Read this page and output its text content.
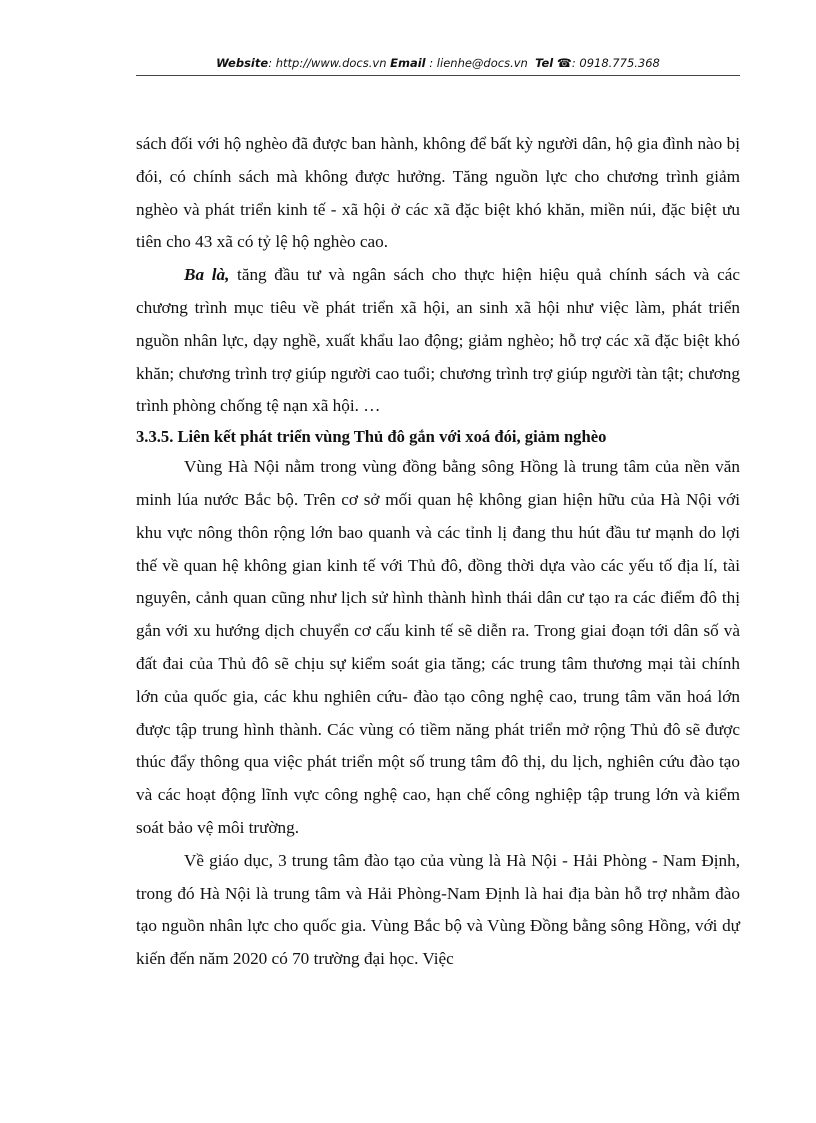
Website: http://www.docs.vn Email : lienhe@docs.vn Tel ☎: 0918.775.368

sách đối với hộ nghèo đã được ban hành, không để bất kỳ người dân, hộ gia đình nào bị đói, có chính sách mà không được hưởng. Tăng nguồn lực cho chương trình giảm nghèo và phát triển kinh tế - xã hội ở các xã đặc biệt khó khăn, miền núi, đặc biệt ưu tiên cho 43 xã có tỷ lệ hộ nghèo cao.

Ba là, tăng đầu tư và ngân sách cho thực hiện hiệu quả chính sách và các chương trình mục tiêu về phát triển xã hội, an sinh xã hội như việc làm, phát triển nguồn nhân lực, dạy nghề, xuất khẩu lao động; giảm nghèo; hỗ trợ các xã đặc biệt khó khăn; chương trình trợ giúp người cao tuổi; chương trình trợ giúp người tàn tật; chương trình phòng chống tệ nạn xã hội. …

3.3.5. Liên kết phát triển vùng Thủ đô gắn với xoá đói, giảm nghèo

Vùng Hà Nội nằm trong vùng đồng bằng sông Hồng là trung tâm của nền văn minh lúa nước Bắc bộ. Trên cơ sở mối quan hệ không gian hiện hữu của Hà Nội với khu vực nông thôn rộng lớn bao quanh và các tỉnh lị đang thu hút đầu tư mạnh do lợi thế về quan hệ không gian kinh tế với Thủ đô, đồng thời dựa vào các yếu tố địa lí, tài nguyên, cảnh quan cũng như lịch sử hình thành hình thái dân cư tạo ra các điểm đô thị gắn với xu hướng dịch chuyển cơ cấu kinh tế sẽ diễn ra. Trong giai đoạn tới dân số và đất đai của Thủ đô sẽ chịu sự kiểm soát gia tăng; các trung tâm thương mại tài chính lớn của quốc gia, các khu nghiên cứu- đào tạo công nghệ cao, trung tâm văn hoá lớn được tập trung hình thành. Các vùng có tiềm năng phát triển mở rộng Thủ đô sẽ được thúc đẩy thông qua việc phát triển một số trung tâm đô thị, du lịch, nghiên cứu đào tạo và các hoạt động lĩnh vực công nghệ cao, hạn chế công nghiệp tập trung lớn và kiểm soát bảo vệ môi trường.

Về giáo dục, 3 trung tâm đào tạo của vùng là Hà Nội - Hải Phòng - Nam Định, trong đó Hà Nội là trung tâm và Hải Phòng-Nam Định là hai địa bàn hỗ trợ nhằm đào tạo nguồn nhân lực cho quốc gia. Vùng Bắc bộ và Vùng Đồng bằng sông Hồng, với dự kiến đến năm 2020 có 70 trường đại học. Việc
